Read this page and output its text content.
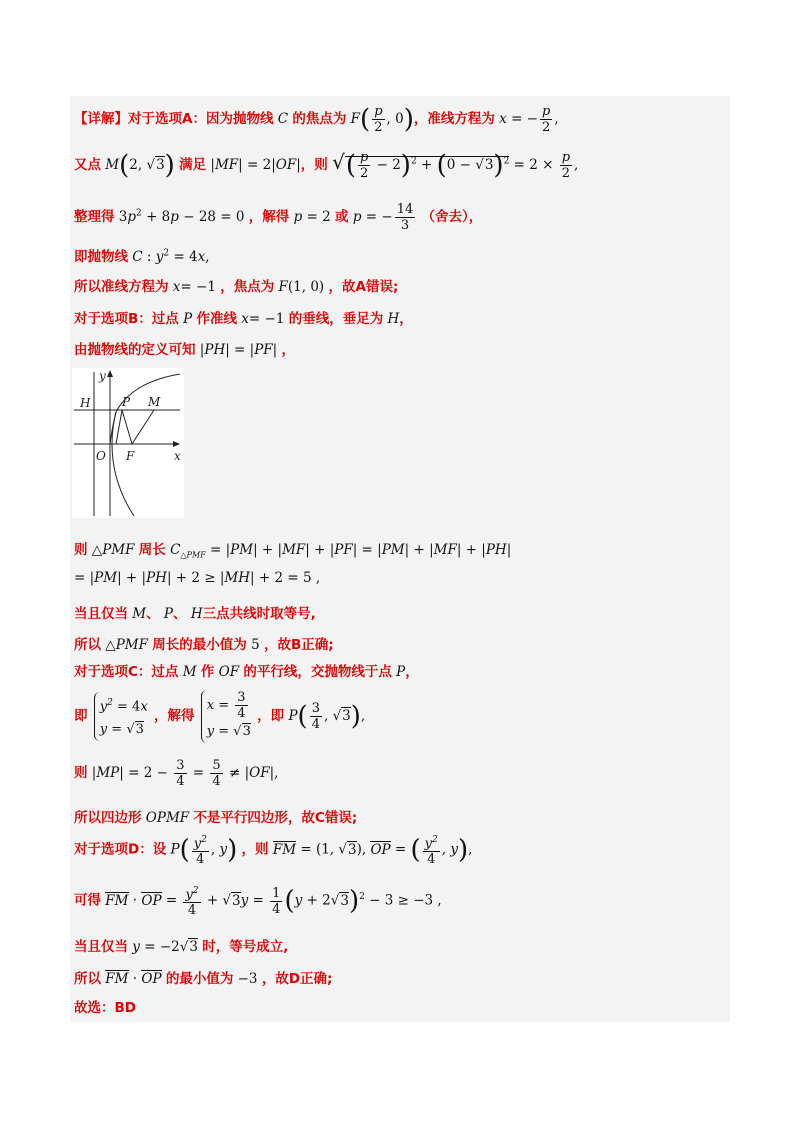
【详解】对于选项A：因为抛物线 C 的焦点为 $F( \frac{p}{2}$ , 0)，准线方程为 x = − $\frac{p}{2}$ ,
又点 M(2, √3) 满足 |MF| = 2|OF|，则 √( $\frac{p}{2} - 2)^2 + (0 - √3)^2 = 2 \times \frac{p}{2}$ ,
整理得 $3p^2 + 8p - 28 = 0$ ，解得 p = 2 或 p = − $\frac{14}{3}$ （舍去），
即抛物线 C : $y^2 = 4x$,
所以准线方程为 x= −1 ，焦点为 F(1, 0) ，故A错误;
对于选项B：过点 P 作准线 x= −1 的垂线，垂足为 H，
由抛物线的定义可知 |PH| = |PF| ，
y
x
H	P M
O F
则 △PMF 周长 $C_{\triangle PMF} = |PM| + |MF| + |PF| = |PM| + |MF| + |PH|$
= |PM| + |PH| + 2 ≥ |MH| + 2 = 5 ,
当且仅当 M、 P、 H三点共线时取等号,
所以 △PMF 周长的最小值为 5 ，故B正确;
对于选项C：过点 M 作 OF 的平行线，交抛物线于点 P，
即
$y^2 = 4x$
y = √3
，解得
$x = \frac{3}{4}$
y = √3
，即 $P( \frac{3}{4}$ , √3),
则 $|MP| = 2 - \frac{3}{4} = \frac{5}{4} \ne |OF|$,
所以四边形 OPMF 不是平行四边形，故C错误;
对于选项D：设 $P( \frac{y^2}{4}$ , y) ，则 FM = (1, √3), OP = ( $\frac{y^2}{4}$ , y),
可得 FM · OP = $\frac{y^2}{4} + √3y = \frac{1}{4} (y + 2√3)^2 - 3 \ge -3$ ,
当且仅当 y = −2√3 时，等号成立,
所以 FM · OP 的最小值为 −3 ，故D正确;
故选：BD
